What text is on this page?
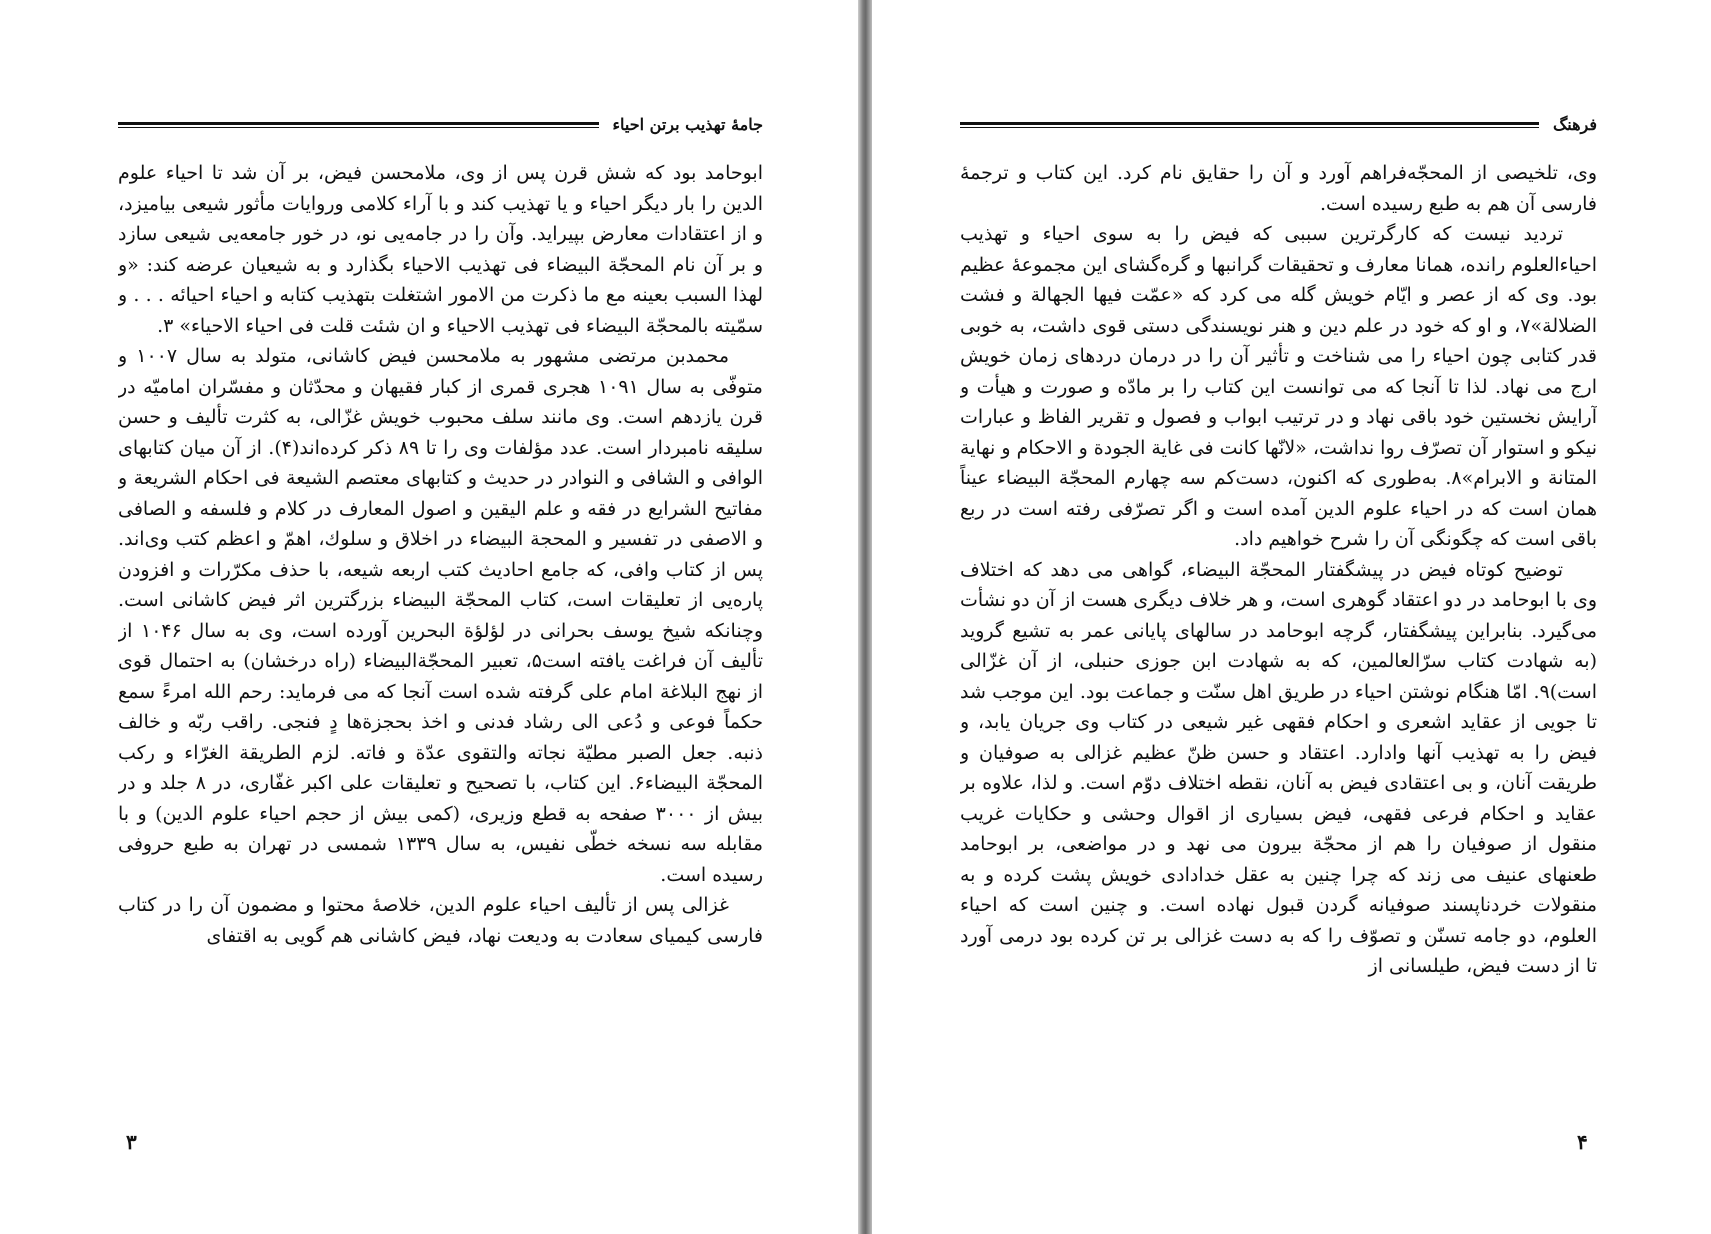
جامهٔ تهذیب برتن احیاء

ابوحامد بود که شش قرن پس از وی، ملامحسن فیض، بر آن شد تا احیاء علوم الدین را بار دیگر احیاء و یا تهذیب کند و با آراء کلامی وروایات مأثور شیعی بیامیزد، و از اعتقادات معارض بپیراید. وآن را در جامه‌یی نو، در خور جامعه‌یی شیعی سازد و بر آن نام المحجّة البیضاء فی تهذیب الاحیاء بگذارد و به شیعیان عرضه کند: «و لهذا السبب بعینه مع ما ذکرت من الامور اشتغلت بتهذیب کتابه و احیاء احیائه . . . و سمّیته بالمحجّة البیضاء فی تهذیب الاحیاء و ان شئت قلت فی احیاء الاحیاء» ۳.

محمدبن مرتضی مشهور به ملامحسن فیض کاشانی، متولد به سال ۱۰۰۷ و متوفّی به سال ۱۰۹۱ هجری قمری از کبار فقیهان و محدّثان و مفسّران امامیّه در قرن یازدهم است. وی مانند سلف محبوب خویش غزّالی، به کثرت تألیف و حسن سلیقه نامبردار است. عدد مؤلفات وی را تا ۸۹ ذکر کرده‌اند(۴). از آن میان کتابهای الوافی و الشافی و النوادر در حدیث و کتابهای معتصم الشیعة فی احکام الشریعة و مفاتیح الشرایع در فقه و علم الیقین و اصول المعارف در کلام و فلسفه و الصافی و الاصفی در تفسیر و المحجة البیضاء در اخلاق و سلوك، اهمّ و اعظم کتب وی‌اند. پس از کتاب وافی، که جامع احادیث کتب اربعه شیعه، با حذف مکرّرات و افزودن پاره‌یی از تعلیقات است، کتاب المحجّة البیضاء بزرگترین اثر فیض کاشانی است. وچنانکه شیخ یوسف بحرانی در لؤلؤة البحرین آورده است، وی به سال ۱۰۴۶ از تألیف آن فراغت یافته است۵، تعبیر المحجّة‌البیضاء (راه درخشان) به احتمال قوی از نهج البلاغة امام علی گرفته شده است آنجا که می فرماید: رحم الله امرءً سمع حکماً فوعی و دُعی الی رشاد فدنی و اخذ بحجزة‌ها دٍ فنجی. راقب ربّه و خالف ذنبه. جعل الصبر مطیّة نجاته والتقوی عدّة و فاته. لزم الطریقة الغرّاء و رکب المحجّة البیضاء۶. این کتاب، با تصحیح و تعلیقات علی اکبر غفّاری، در ۸ جلد و در بیش از ۳۰۰۰ صفحه به قطع وزیری، (کمی بیش از حجم احیاء علوم الدین) و با مقابله سه نسخه خطّی نفیس، به سال ۱۳۳۹ شمسی در تهران به طبع حروفی رسیده است.

غزالی پس از تألیف احیاء علوم الدین، خلاصهٔ محتوا و مضمون آن را در کتاب فارسی کیمیای سعادت به ودیعت نهاد، فیض کاشانی هم گویی به اقتفای

۳
فرهنگ

وی، تلخیصی از المحجّه‌فراهم آورد و آن را حقایق نام کرد. این کتاب و ترجمهٔ فارسی آن هم به طبع رسیده است.

تردید نیست که کارگرترین سببی که فیض را به سوی احیاء و تهذیب احیاءالعلوم رانده، همانا معارف و تحقیقات گرانبها و گره‌گشای این مجموعهٔ عظیم بود. وی که از عصر و ایّام خویش گله می کرد که «عمّت فیها الجهالة و فشت الضلالة»۷، و او که خود در علم دین و هنر نویسندگی دستی قوی داشت، به خوبی قدر کتابی چون احیاء را می شناخت و تأثیر آن را در درمان دردهای زمان خویش ارج می نهاد. لذا تا آنجا که می توانست این کتاب را بر مادّه و صورت و هیأت و آرایش نخستین خود باقی نهاد و در ترتیب ابواب و فصول و تقریر الفاظ و عبارات نیکو و استوار آن تصرّف روا نداشت، «لانّها کانت فی غایة الجودة و الاحکام و نهایة المتانة و الابرام»۸. به‌طوری که اکنون، دست‌کم سه چهارم المحجّة البیضاء عیناً همان است که در احیاء علوم الدین آمده است و اگر تصرّفی رفته است در ربع باقی است که چگونگی آن را شرح خواهیم داد.

توضیح کوتاه فیض در پیشگفتار المحجّة البیضاء، گواهی می دهد که اختلاف وی با ابوحامد در دو اعتقاد گوهری است، و هر خلاف دیگری هست از آن دو نشأت می‌گیرد. بنابراین پیشگفتار، گرچه ابوحامد در سالهای پایانی عمر به تشیع گروید (به شهادت کتاب سرّالعالمین، که به شهادت ابن جوزی حنبلی، از آن غزّالی است)۹. امّا هنگام نوشتن احیاء در طریق اهل سنّت و جماعت بود. این موجب شد تا جویی از عقاید اشعری و احکام فقهی غیر شیعی در کتاب وی جریان یابد، و فیض را به تهذیب آنها وادارد. اعتقاد و حسن ظنّ عظیم غزالی به صوفیان و طریقت آنان، و بی اعتقادی فیض به آنان، نقطه اختلاف دوّم است. و لذا، علاوه بر عقاید و احکام فرعی فقهی، فیض بسیاری از اقوال وحشی و حکایات غریب منقول از صوفیان را هم از محجّة بیرون می نهد و در مواضعی، بر ابوحامد طعنهای عنیف می زند که چرا چنین به عقل خدادادی خویش پشت کرده و به منقولات خردناپسند صوفیانه گردن قبول نهاده است. و چنین است که احیاء العلوم، دو جامه تسنّن و تصوّف را که به دست غزالی بر تن کرده بود درمی آورد تا از دست فیض، طیلسانی از

۴
